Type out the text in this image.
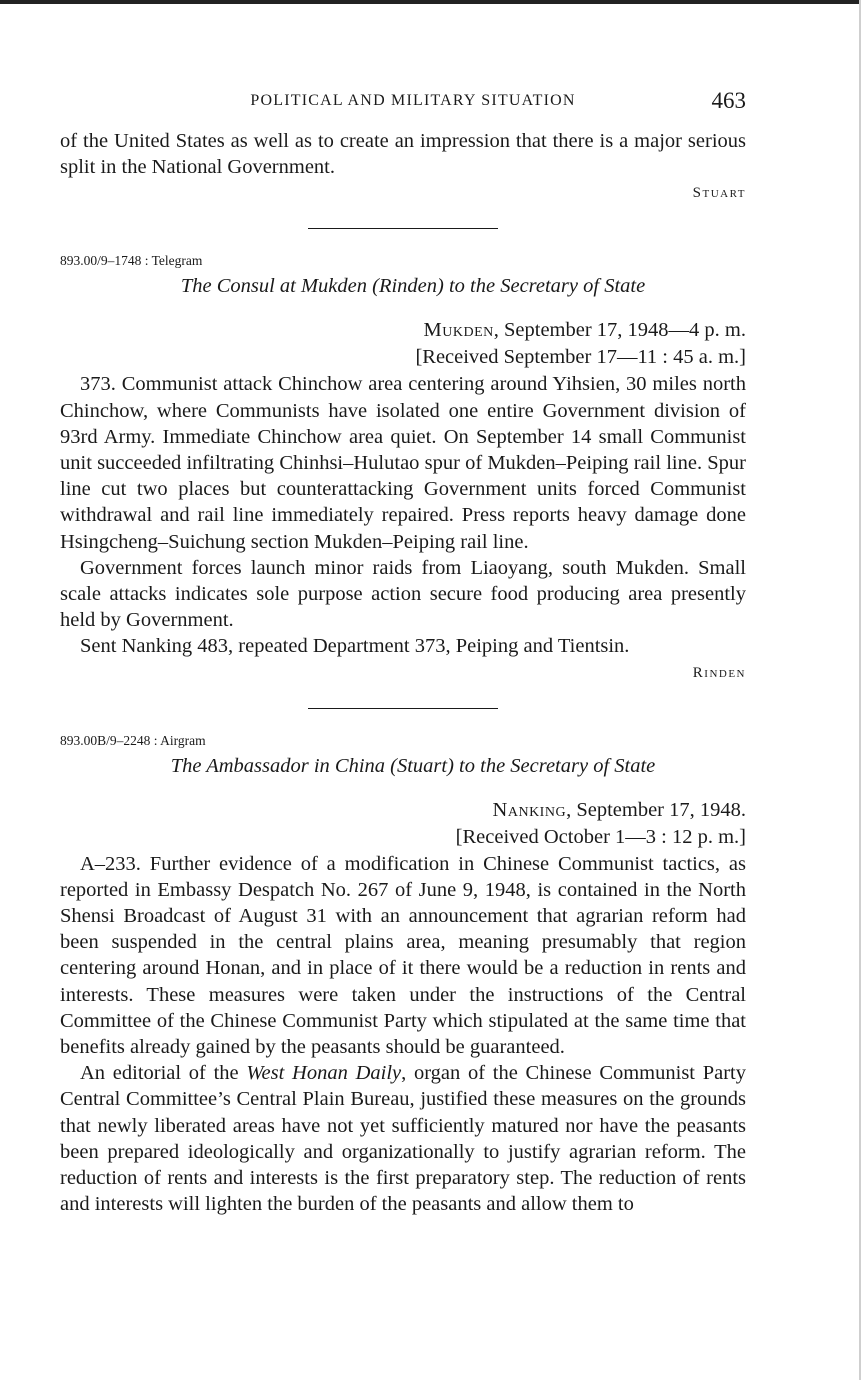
POLITICAL AND MILITARY SITUATION	463

of the United States as well as to create an impression that there is a major serious split in the National Government.

Stuart
893.00/9–1748 : Telegram
The Consul at Mukden (Rinden) to the Secretary of State
Mukden, September 17, 1948—4 p. m.
[Received September 17—11 : 45 a. m.]

373. Communist attack Chinchow area centering around Yihsien, 30 miles north Chinchow, where Communists have isolated one entire Government division of 93rd Army. Immediate Chinchow area quiet. On September 14 small Communist unit succeeded infiltrating Chinhsi–Hulutao spur of Mukden–Peiping rail line. Spur line cut two places but counterattacking Government units forced Communist withdrawal and rail line immediately repaired. Press reports heavy damage done Hsingcheng–Suichung section Mukden–Peiping rail line.

Government forces launch minor raids from Liaoyang, south Mukden. Small scale attacks indicates sole purpose action secure food producing area presently held by Government.

Sent Nanking 483, repeated Department 373, Peiping and Tientsin.

Rinden
893.00B/9–2248 : Airgram
The Ambassador in China (Stuart) to the Secretary of State
Nanking, September 17, 1948.
[Received October 1—3 : 12 p. m.]

A–233. Further evidence of a modification in Chinese Communist tactics, as reported in Embassy Despatch No. 267 of June 9, 1948, is contained in the North Shensi Broadcast of August 31 with an announcement that agrarian reform had been suspended in the central plains area, meaning presumably that region centering around Honan, and in place of it there would be a reduction in rents and interests. These measures were taken under the instructions of the Central Committee of the Chinese Communist Party which stipulated at the same time that benefits already gained by the peasants should be guaranteed.

An editorial of the West Honan Daily, organ of the Chinese Communist Party Central Committee’s Central Plain Bureau, justified these measures on the grounds that newly liberated areas have not yet sufficiently matured nor have the peasants been prepared ideologically and organizationally to justify agrarian reform. The reduction of rents and interests is the first preparatory step. The reduction of rents and interests will lighten the burden of the peasants and allow them to
